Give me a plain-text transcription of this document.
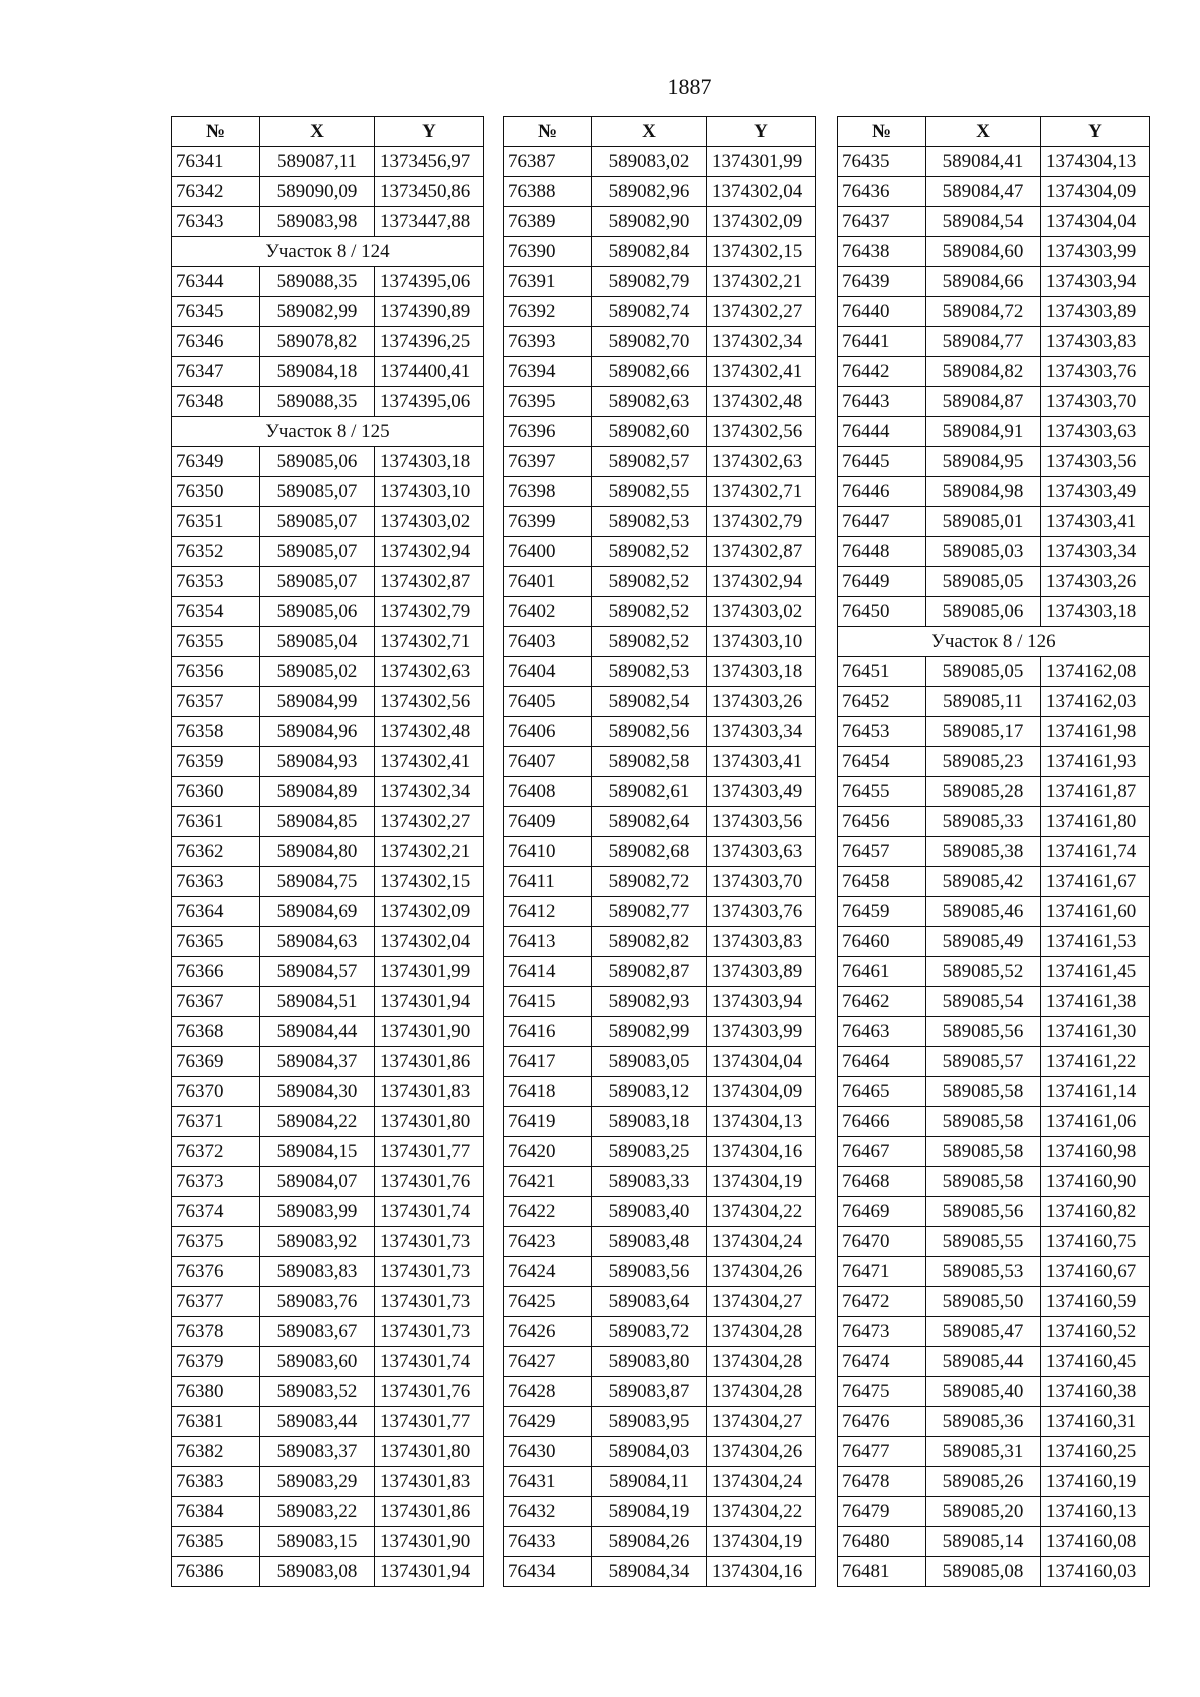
1887
№	X	Y
76341	589087,11	1373456,97
76342	589090,09	1373450,86
76343	589083,98	1373447,88
Участок 8 / 124		
76344	589088,35	1374395,06
76345	589082,99	1374390,89
76346	589078,82	1374396,25
76347	589084,18	1374400,41
76348	589088,35	1374395,06
Участок 8 / 125		
76349	589085,06	1374303,18
76350	589085,07	1374303,10
76351	589085,07	1374303,02
76352	589085,07	1374302,94
76353	589085,07	1374302,87
76354	589085,06	1374302,79
76355	589085,04	1374302,71
76356	589085,02	1374302,63
76357	589084,99	1374302,56
76358	589084,96	1374302,48
76359	589084,93	1374302,41
76360	589084,89	1374302,34
76361	589084,85	1374302,27
76362	589084,80	1374302,21
76363	589084,75	1374302,15
76364	589084,69	1374302,09
76365	589084,63	1374302,04
76366	589084,57	1374301,99
76367	589084,51	1374301,94
76368	589084,44	1374301,90
76369	589084,37	1374301,86
76370	589084,30	1374301,83
76371	589084,22	1374301,80
76372	589084,15	1374301,77
76373	589084,07	1374301,76
76374	589083,99	1374301,74
76375	589083,92	1374301,73
76376	589083,83	1374301,73
76377	589083,76	1374301,73
76378	589083,67	1374301,73
76379	589083,60	1374301,74
76380	589083,52	1374301,76
76381	589083,44	1374301,77
76382	589083,37	1374301,80
76383	589083,29	1374301,83
76384	589083,22	1374301,86
76385	589083,15	1374301,90
76386	589083,08	1374301,94
№	X	Y
76387	589083,02	1374301,99
76388	589082,96	1374302,04
76389	589082,90	1374302,09
76390	589082,84	1374302,15
76391	589082,79	1374302,21
76392	589082,74	1374302,27
76393	589082,70	1374302,34
76394	589082,66	1374302,41
76395	589082,63	1374302,48
76396	589082,60	1374302,56
76397	589082,57	1374302,63
76398	589082,55	1374302,71
76399	589082,53	1374302,79
76400	589082,52	1374302,87
76401	589082,52	1374302,94
76402	589082,52	1374303,02
76403	589082,52	1374303,10
76404	589082,53	1374303,18
76405	589082,54	1374303,26
76406	589082,56	1374303,34
76407	589082,58	1374303,41
76408	589082,61	1374303,49
76409	589082,64	1374303,56
76410	589082,68	1374303,63
76411	589082,72	1374303,70
76412	589082,77	1374303,76
76413	589082,82	1374303,83
76414	589082,87	1374303,89
76415	589082,93	1374303,94
76416	589082,99	1374303,99
76417	589083,05	1374304,04
76418	589083,12	1374304,09
76419	589083,18	1374304,13
76420	589083,25	1374304,16
76421	589083,33	1374304,19
76422	589083,40	1374304,22
76423	589083,48	1374304,24
76424	589083,56	1374304,26
76425	589083,64	1374304,27
76426	589083,72	1374304,28
76427	589083,80	1374304,28
76428	589083,87	1374304,28
76429	589083,95	1374304,27
76430	589084,03	1374304,26
76431	589084,11	1374304,24
76432	589084,19	1374304,22
76433	589084,26	1374304,19
76434	589084,34	1374304,16
№	X	Y
76435	589084,41	1374304,13
76436	589084,47	1374304,09
76437	589084,54	1374304,04
76438	589084,60	1374303,99
76439	589084,66	1374303,94
76440	589084,72	1374303,89
76441	589084,77	1374303,83
76442	589084,82	1374303,76
76443	589084,87	1374303,70
76444	589084,91	1374303,63
76445	589084,95	1374303,56
76446	589084,98	1374303,49
76447	589085,01	1374303,41
76448	589085,03	1374303,34
76449	589085,05	1374303,26
76450	589085,06	1374303,18
Участок 8 / 126		
76451	589085,05	1374162,08
76452	589085,11	1374162,03
76453	589085,17	1374161,98
76454	589085,23	1374161,93
76455	589085,28	1374161,87
76456	589085,33	1374161,80
76457	589085,38	1374161,74
76458	589085,42	1374161,67
76459	589085,46	1374161,60
76460	589085,49	1374161,53
76461	589085,52	1374161,45
76462	589085,54	1374161,38
76463	589085,56	1374161,30
76464	589085,57	1374161,22
76465	589085,58	1374161,14
76466	589085,58	1374161,06
76467	589085,58	1374160,98
76468	589085,58	1374160,90
76469	589085,56	1374160,82
76470	589085,55	1374160,75
76471	589085,53	1374160,67
76472	589085,50	1374160,59
76473	589085,47	1374160,52
76474	589085,44	1374160,45
76475	589085,40	1374160,38
76476	589085,36	1374160,31
76477	589085,31	1374160,25
76478	589085,26	1374160,19
76479	589085,20	1374160,13
76480	589085,14	1374160,08
76481	589085,08	1374160,03
